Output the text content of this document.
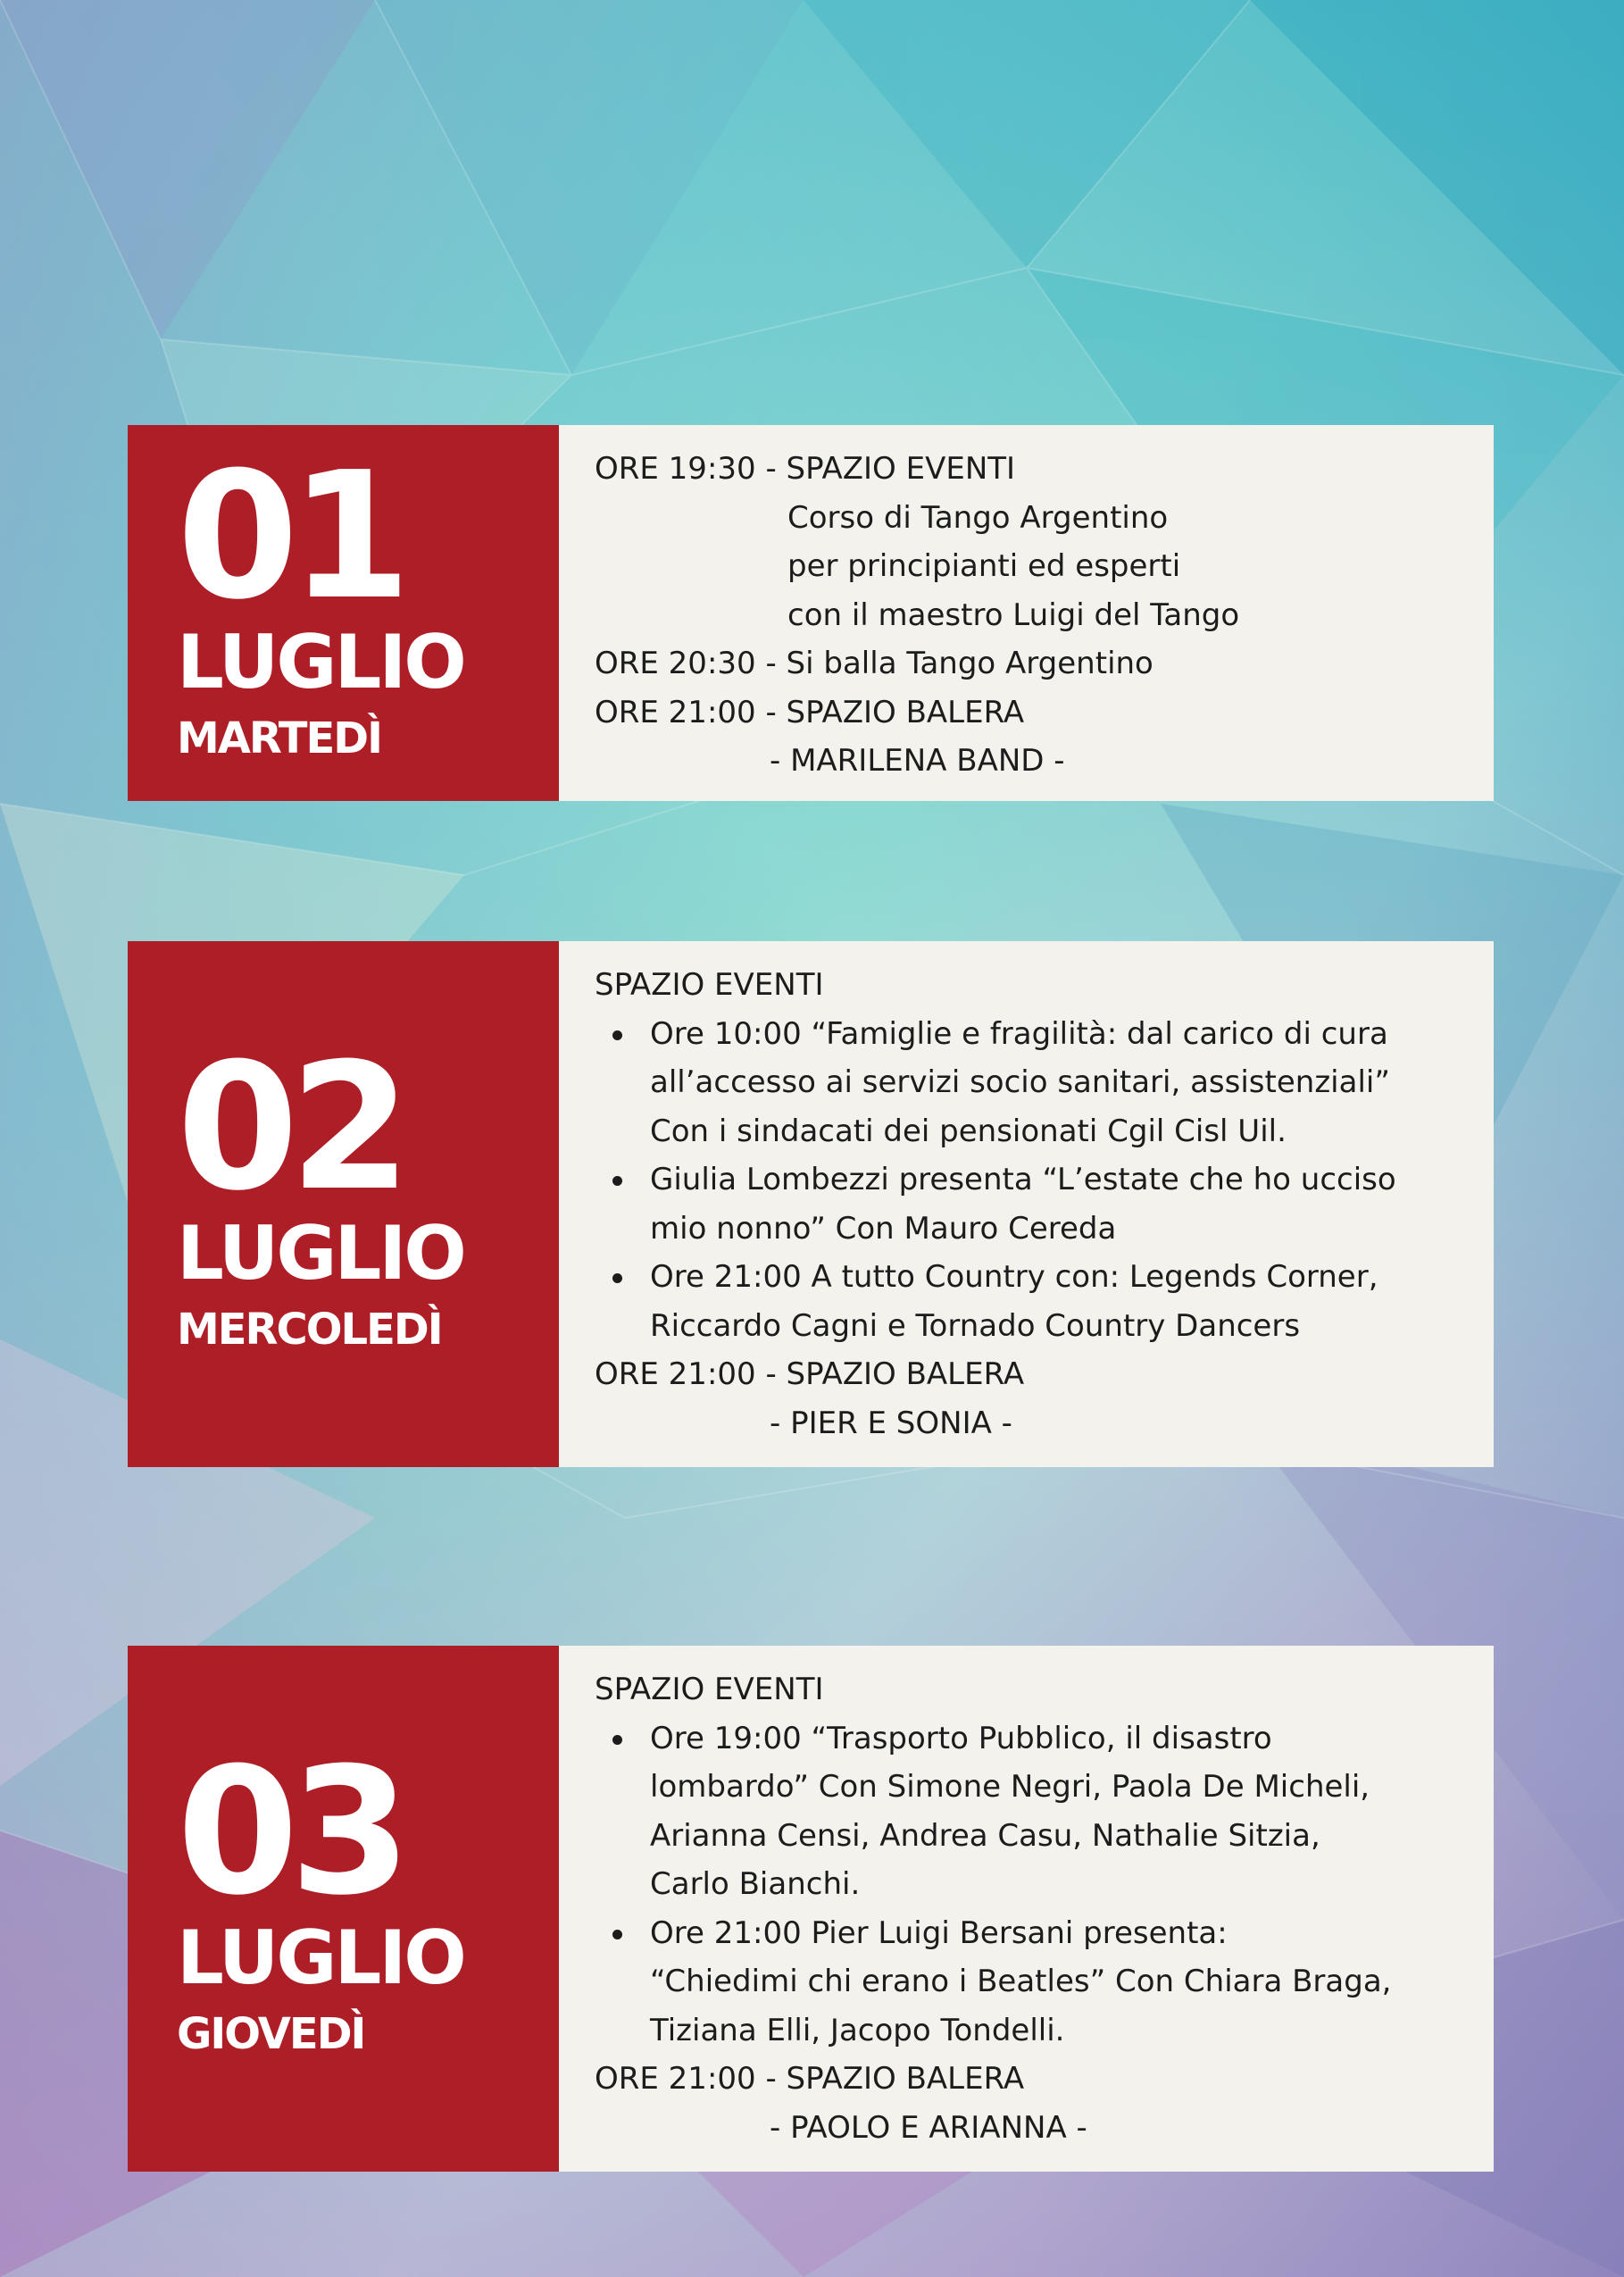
01
LUGLIO
MARTEDÌ
ORE 19:30 - SPAZIO EVENTI
Corso di Tango Argentino
per principianti ed esperti
con il maestro Luigi del Tango
ORE 20:30 - Si balla Tango Argentino
ORE 21:00 - SPAZIO BALERA
- MARILENA BAND -
02
LUGLIO
MERCOLEDÌ
SPAZIO EVENTI
Ore 10:00 “Famiglie e fragilità: dal carico di cura
all’accesso ai servizi socio sanitari, assistenziali”
Con i sindacati dei pensionati Cgil Cisl Uil.
Giulia Lombezzi presenta “L’estate che ho ucciso
mio nonno” Con Mauro Cereda
Ore 21:00 A tutto Country con: Legends Corner,
Riccardo Cagni e Tornado Country Dancers
ORE 21:00 - SPAZIO BALERA
- PIER E SONIA -
03
LUGLIO
GIOVEDÌ
SPAZIO EVENTI
Ore 19:00 “Trasporto Pubblico, il disastro
lombardo” Con Simone Negri, Paola De Micheli,
Arianna Censi, Andrea Casu, Nathalie Sitzia,
Carlo Bianchi.
Ore 21:00 Pier Luigi Bersani presenta:
“Chiedimi chi erano i Beatles” Con Chiara Braga,
Tiziana Elli, Jacopo Tondelli.
ORE 21:00 - SPAZIO BALERA
- PAOLO E ARIANNA -
